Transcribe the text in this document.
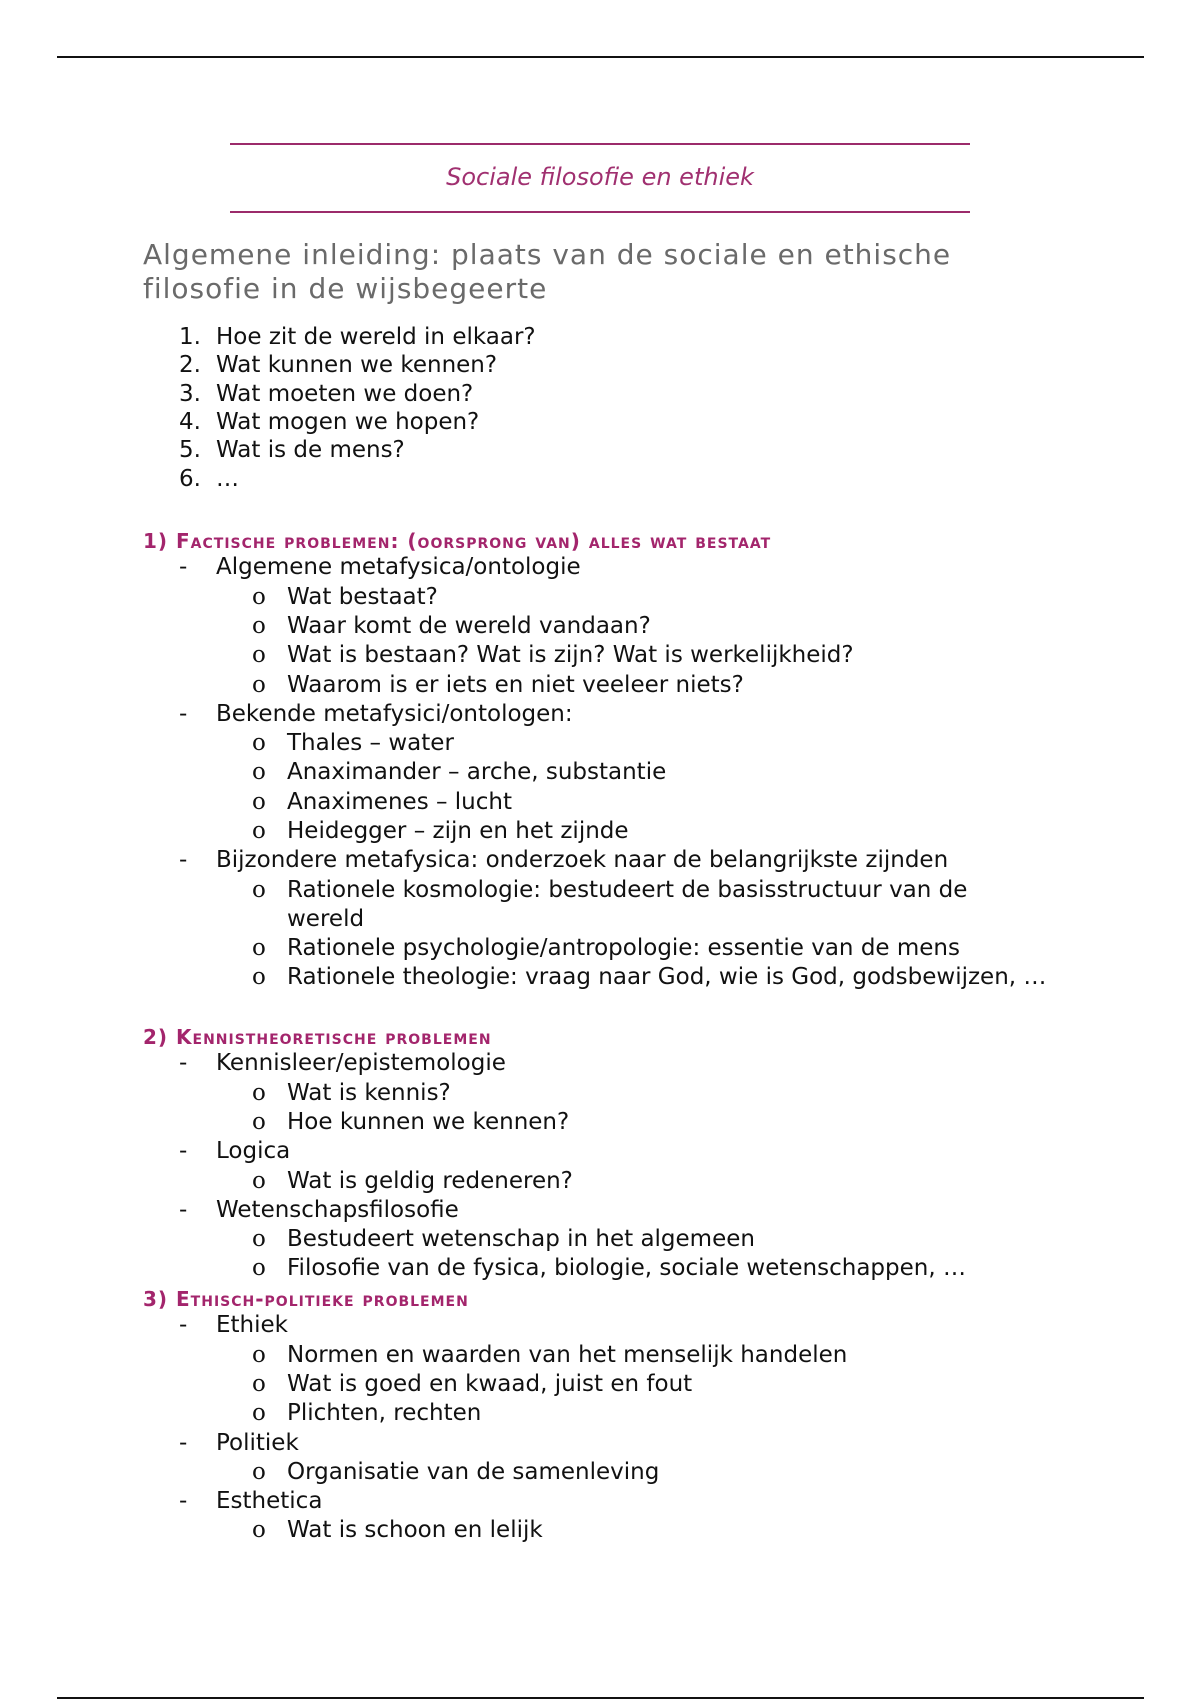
Sociale filosofie en ethiek
Algemene inleiding: plaats van de sociale en ethische filosofie in de wijsbegeerte
1. Hoe zit de wereld in elkaar?
2. Wat kunnen we kennen?
3. Wat moeten we doen?
4. Wat mogen we hopen?
5. Wat is de mens?
6. …
1) Factische problemen: (oorsprong van) alles wat bestaat
- Algemene metafysica/ontologie
o Wat bestaat?
o Waar komt de wereld vandaan?
o Wat is bestaan? Wat is zijn? Wat is werkelijkheid?
o Waarom is er iets en niet veeleer niets?
- Bekende metafysici/ontologen:
o Thales – water
o Anaximander – arche, substantie
o Anaximenes – lucht
o Heidegger – zijn en het zijnde
- Bijzondere metafysica: onderzoek naar de belangrijkste zijnden
o Rationele kosmologie: bestudeert de basisstructuur van de wereld
o Rationele psychologie/antropologie: essentie van de mens
o Rationele theologie: vraag naar God, wie is God, godsbewijzen, …
2) Kennistheoretische problemen
- Kennisleer/epistemologie
o Wat is kennis?
o Hoe kunnen we kennen?
- Logica
o Wat is geldig redeneren?
- Wetenschapsfilosofie
o Bestudeert wetenschap in het algemeen
o Filosofie van de fysica, biologie, sociale wetenschappen, …
3) Ethisch-politieke problemen
- Ethiek
o Normen en waarden van het menselijk handelen
o Wat is goed en kwaad, juist en fout
o Plichten, rechten
- Politiek
o Organisatie van de samenleving
- Esthetica
o Wat is schoon en lelijk
